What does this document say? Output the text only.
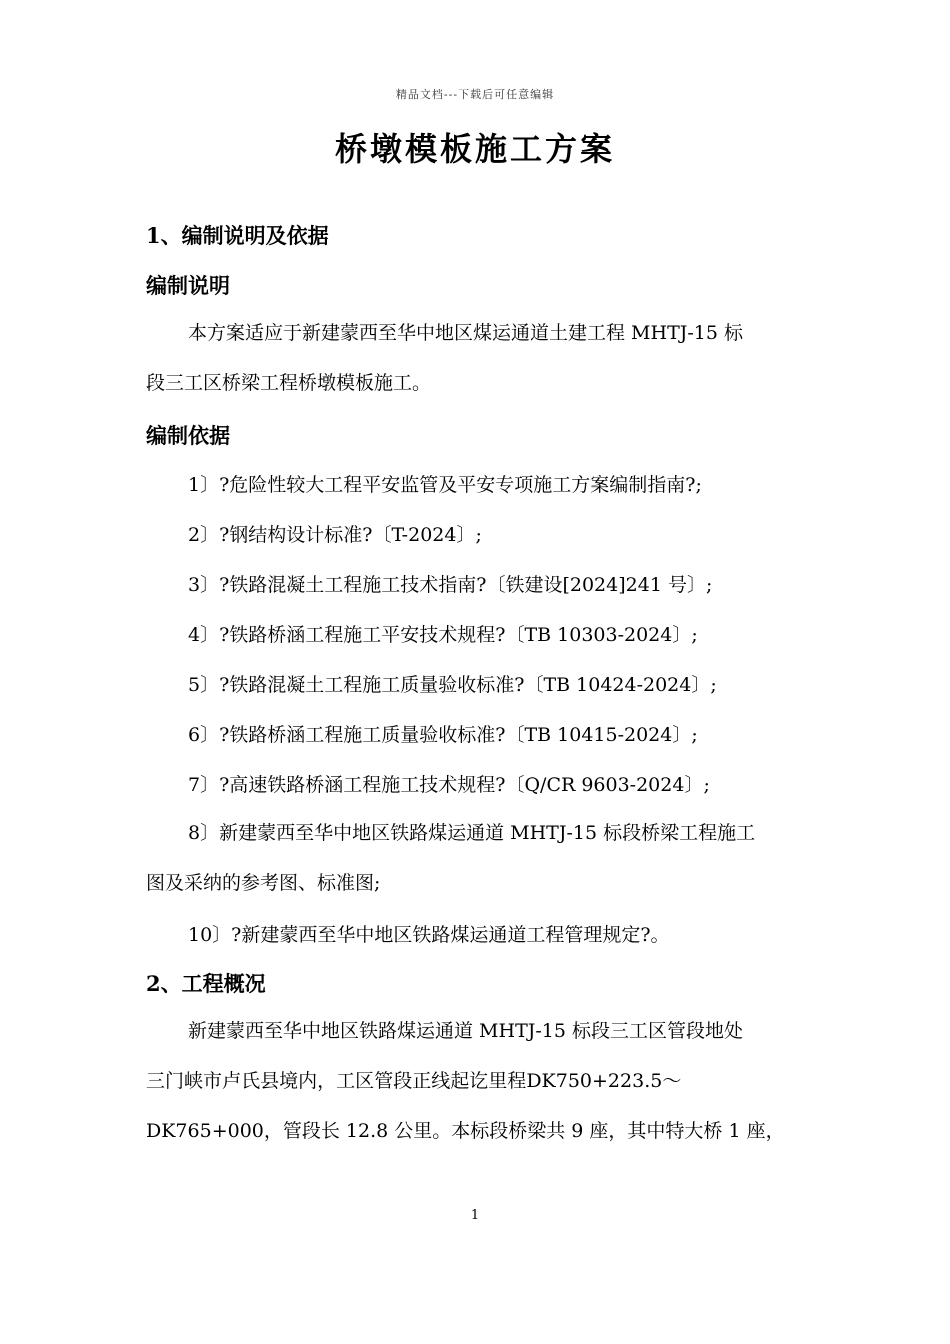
精品文档---下载后可任意编辑
桥墩模板施工方案
1、编制说明及依据
编制说明
本方案适应于新建蒙西至华中地区煤运通道土建工程 MHTJ-15 标
段三工区桥梁工程桥墩模板施工。
编制依据
1〕?危险性较大工程平安监管及平安专项施工方案编制指南?;
2〕?钢结构设计标准?〔T-2024〕;
3〕?铁路混凝土工程施工技术指南?〔铁建设[2024]241 号〕;
4〕?铁路桥涵工程施工平安技术规程?〔TB 10303-2024〕;
5〕?铁路混凝土工程施工质量验收标准?〔TB 10424-2024〕;
6〕?铁路桥涵工程施工质量验收标准?〔TB 10415-2024〕;
7〕?高速铁路桥涵工程施工技术规程?〔Q/CR 9603-2024〕;
8〕新建蒙西至华中地区铁路煤运通道 MHTJ-15 标段桥梁工程施工
图及采纳的参考图、标准图;
10〕?新建蒙西至华中地区铁路煤运通道工程管理规定?。
2、工程概况
新建蒙西至华中地区铁路煤运通道 MHTJ-15 标段三工区管段地处
三门峡市卢氏县境内，工区管段正线起讫里程DK750+223.5～
DK765+000，管段长 12.8 公里。本标段桥梁共 9 座，其中特大桥 1 座，
1
